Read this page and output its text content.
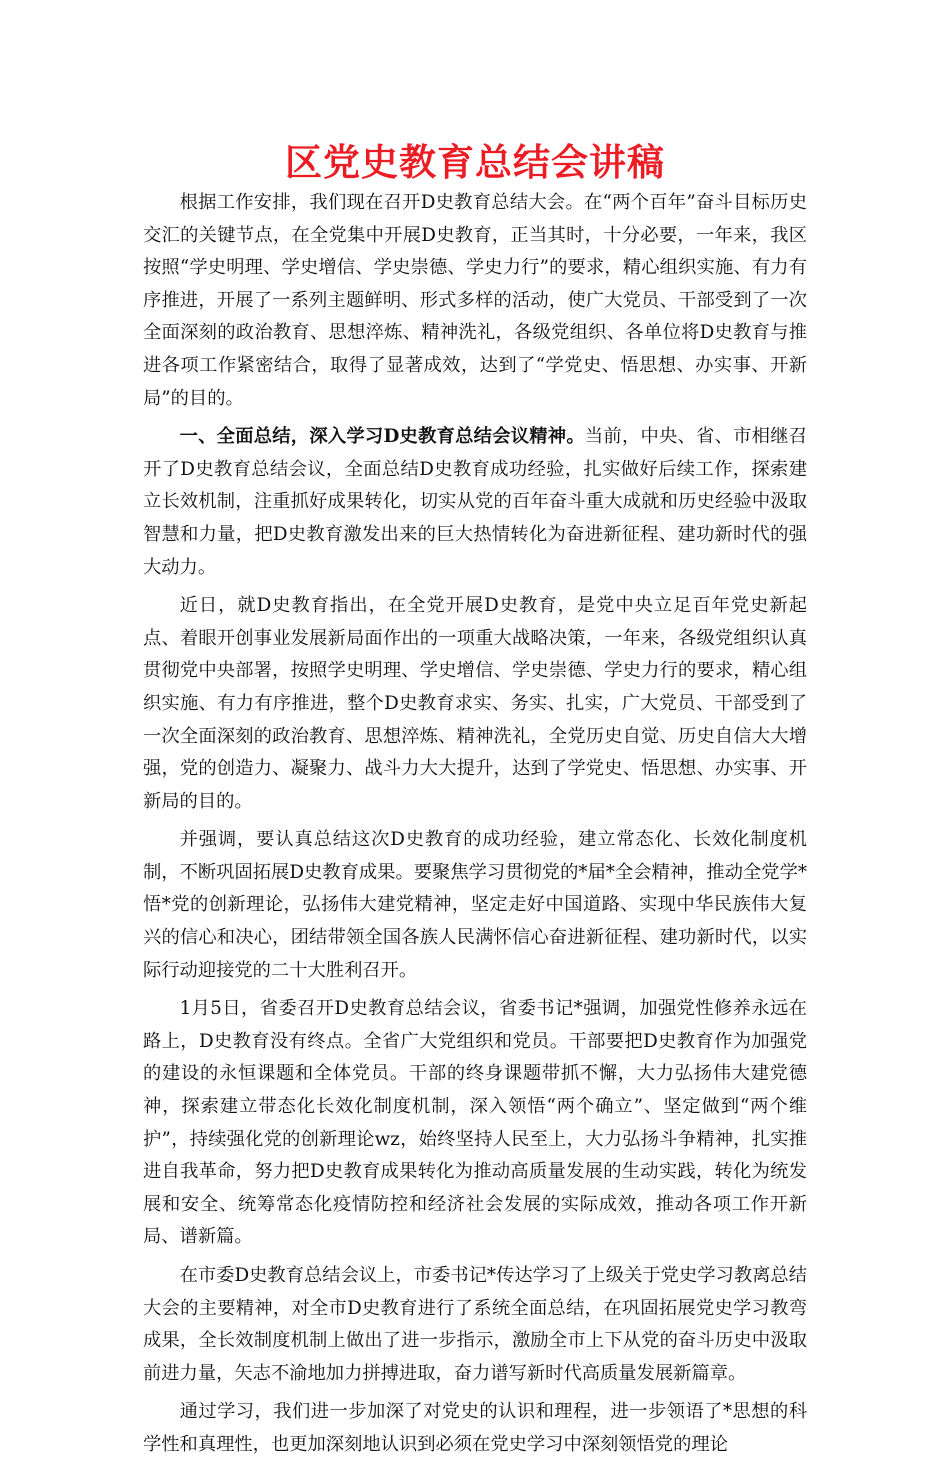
区党史教育总结会讲稿

根据工作安排，我们现在召开D史教育总结大会。在“两个百年”奋斗目标历史交汇的关键节点，在全党集中开展D史教育，正当其时，十分必要，一年来，我区按照“学史明理、学史增信、学史崇德、学史力行”的要求，精心组织实施、有力有序推进，开展了一系列主题鲜明、形式多样的活动，使广大党员、干部受到了一次全面深刻的政治教育、思想淬炼、精神洗礼，各级党组织、各单位将D史教育与推进各项工作紧密结合，取得了显著成效，达到了“学党史、悟思想、办实事、开新局”的目的。

一、全面总结，深入学习D史教育总结会议精神。当前，中央、省、市相继召开了D史教育总结会议，全面总结D史教育成功经验，扎实做好后续工作，探索建立长效机制，注重抓好成果转化，切实从党的百年奋斗重大成就和历史经验中汲取智慧和力量，把D史教育激发出来的巨大热情转化为奋进新征程、建功新时代的强大动力。

近日，就D史教育指出，在全党开展D史教育，是党中央立足百年党史新起点、着眼开创事业发展新局面作出的一项重大战略决策，一年来，各级党组织认真贯彻党中央部署，按照学史明理、学史增信、学史崇德、学史力行的要求，精心组织实施、有力有序推进，整个D史教育求实、务实、扎实，广大党员、干部受到了一次全面深刻的政治教育、思想淬炼、精神洗礼，全党历史自觉、历史自信大大增强，党的创造力、凝聚力、战斗力大大提升，达到了学党史、悟思想、办实事、开新局的目的。

并强调，要认真总结这次D史教育的成功经验，建立常态化、长效化制度机制，不断巩固拓展D史教育成果。要聚焦学习贯彻党的*届*全会精神，推动全党学*悟*党的创新理论，弘扬伟大建党精神，坚定走好中国道路、实现中华民族伟大复兴的信心和决心，团结带领全国各族人民满怀信心奋进新征程、建功新时代，以实际行动迎接党的二十大胜利召开。

1月5日，省委召开D史教育总结会议，省委书记*强调，加强党性修养永远在路上，D史教育没有终点。全省广大党组织和党员。干部要把D史教育作为加强党的建设的永恒课题和全体党员。干部的终身课题带抓不懈，大力弘扬伟大建党德神，探索建立带态化长效化制度机制，深入领悟“两个确立”、坚定做到“两个维护”，持续强化党的创新理论wz，始终坚持人民至上，大力弘扬斗争精神，扎实推进自我革命，努力把D史教育成果转化为推动高质量发展的生动实践，转化为统发展和安全、统筹常态化疫情防控和经济社会发展的实际成效，推动各项工作开新局、谱新篇。

在市委D史教育总结会议上，市委书记*传达学习了上级关于党史学习教离总结大会的主要精神，对全市D史教育进行了系统全面总结，在巩固拓展党史学习教弯成果，全长效制度机制上做出了进一步指示，激励全市上下从党的奋斗历史中汲取前进力量，矢志不渝地加力拼搏进取，奋力谱写新时代高质量发展新篇章。

通过学习，我们进一步加深了对党史的认识和理程，进一步领语了*思想的科学性和真理性，也更加深刻地认识到必须在党史学习中深刻领悟党的理论
